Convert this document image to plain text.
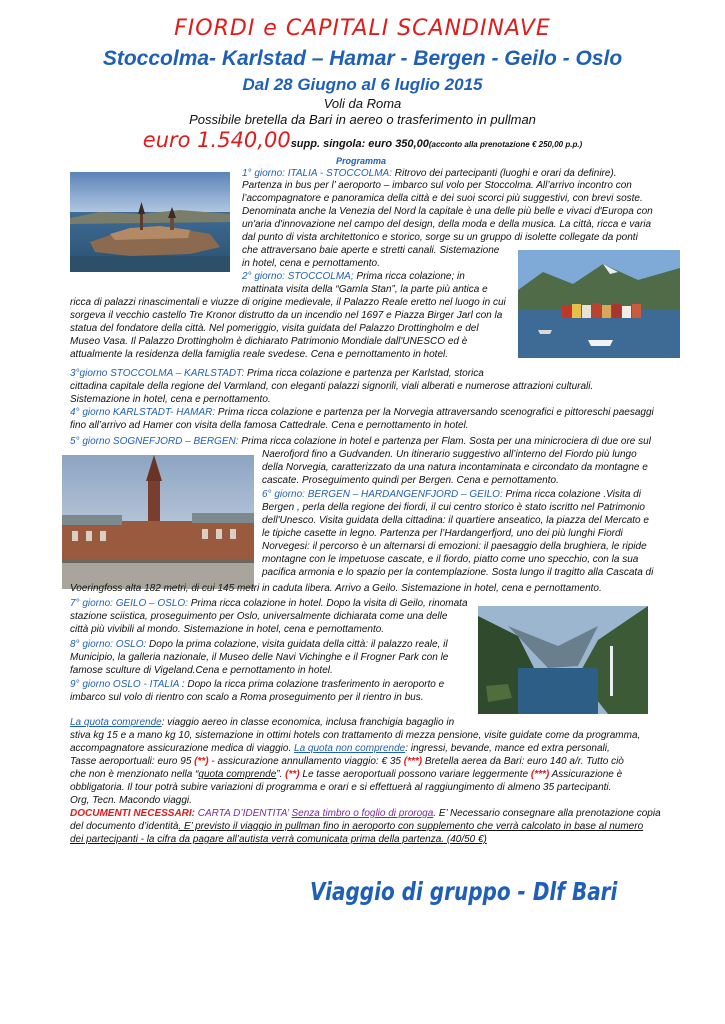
FIORDI e CAPITALI SCANDINAVE
Stoccolma- Karlstad – Hamar - Bergen - Geilo - Oslo
Dal 28 Giugno al 6 luglio 2015
Voli da Roma
Possibile bretella da Bari in aereo o trasferimento in pullman
euro 1.540,00supp. singola: euro 350,00(acconto alla prenotazione € 250,00 p.p.)
Programma
1° giorno: ITALIA - STOCCOLMA: Ritrovo dei partecipanti (luoghi e orari da definire).
Partenza in bus per l’ aeroporto – imbarco sul volo per Stoccolma. All’arrivo incontro con
l’accompagnatore e panoramica della città e dei suoi scorci più suggestivi, con brevi soste.
Denominata anche la Venezia del Nord la capitale è una delle più belle e vivaci d'Europa con
un'aria d'innovazione nel campo del design, della moda e della musica. La città, ricca e varia
dal punto di vista architettonico e storico, sorge su un gruppo di isolette collegate da ponti
che attraversano baie aperte e stretti canali. Sistemazione
in hotel, cena e pernottamento.
2° giorno: STOCCOLMA; Prima ricca colazione; in
mattinata visita della “Gamla Stan”, la parte più antica e
ricca di palazzi rinascimentali e viuzze di origine medievale, il Palazzo Reale eretto nel luogo in cui
sorgeva il vecchio castello Tre Kronor distrutto da un incendio nel 1697 e Piazza Birger Jarl con la
statua del fondatore della città. Nel pomeriggio, visita guidata del Palazzo Drottingholm e del
Museo Vasa. Il Palazzo Drottingholm è dichiarato Patrimonio Mondiale dall'UNESCO ed è
attualmente la residenza della famiglia reale svedese. Cena e pernottamento in hotel.
3°giorno STOCCOLMA – KARLSTADT: Prima ricca colazione e partenza per Karlstad, storica
cittadina capitale della regione del Varmland, con eleganti palazzi signorili, viali alberati e numerose attrazioni culturali.
Sistemazione in hotel, cena e pernottamento.
4° giorno KARLSTADT- HAMAR: Prima ricca colazione e partenza per la Norvegia attraversando scenografici e pittoreschi paesaggi
fino all’arrivo ad Hamer con visita della famosa Cattedrale. Cena e pernottamento in hotel.
5° giorno SOGNEFJORD – BERGEN: Prima ricca colazione in hotel e partenza per Flam. Sosta per una minicrociera di due ore sul
Naerofjord fino a Gudvanden. Un itinerario suggestivo all’interno del Fiordo più lungo
della Norvegia, caratterizzato da una natura incontaminata e circondato da montagne e
cascate. Proseguimento quindi per Bergen. Cena e pernottamento.
6° giorno: BERGEN – HARDANGENFJORD – GEILO: Prima ricca colazione .Visita di
Bergen , perla della regione dei fiordi, il cui centro storico è stato iscritto nel Patrimonio
dell'Unesco. Visita guidata della cittadina: il quartiere anseatico, la piazza del Mercato e
le tipiche casette in legno. Partenza per l’Hardangerfjord, uno dei più lunghi Fiordi
Norvegesi: il percorso è un alternarsi di emozioni: il paesaggio della brughiera, le ripide
montagne con le impetuose cascate, e il fiordo, piatto come uno specchio, con la sua
pacifica armonia e lo spazio per la contemplazione. Sosta lungo il tragitto alla Cascata di
Voeringfoss alta 182 metri, di cui 145 metri in caduta libera. Arrivo a Geilo. Sistemazione in hotel, cena e pernottamento.
7° giorno: GEILO – OSLO: Prima ricca colazione in hotel. Dopo la visita di Geilo, rinomata
stazione sciistica, proseguimento per Oslo, universalmente dichiarata come una delle
città più vivibili al mondo. Sistemazione in hotel, cena e pernottamento.
8° giorno: OSLO: Dopo la prima colazione, visita guidata della città: il palazzo reale, il
Municipio, la galleria nazionale, il Museo delle Navi Vichinghe e il Frogner Park con le
famose sculture di Vigeland.Cena e pernottamento in hotel.
9° giorno OSLO - ITALIA : Dopo la ricca prima colazione trasferimento in aeroporto e
imbarco sul volo di rientro con scalo a Roma proseguimento per il rientro in bus.
La quota comprende: viaggio aereo in classe economica, inclusa franchigia bagaglio in
stiva kg 15 e a mano kg 10, sistemazione in ottimi hotels con trattamento di mezza pensione, visite guidate come da programma,
accompagnatore assicurazione medica di viaggio. La quota non comprende: ingressi, bevande, mance ed extra personali,
Tasse aeroportuali: euro 95 (**) - assicurazione annullamento viaggio: € 35 (***) Bretella aerea da Bari: euro 140 a/r. Tutto ciò
che non è menzionato nella “quota comprende”. (**) Le tasse aeroportuali possono variare leggermente (***) Assicurazione è
obbligatoria. Il tour potrà subire variazioni di programma e orari e si effettuerà al raggiungimento di almeno 35 partecipanti.
Org, Tecn. Macondo viaggi.
DOCUMENTI NECESSARI: CARTA D’IDENTITA’ Senza timbro o foglio di proroga. E’ Necessario consegnare alla prenotazione copia
del documento d’identità. E’ previsto il viaggio in pullman fino in aeroporto con supplemento che verrà calcolato in base al numero
dei partecipanti - la cifra da pagare all’autista verrà comunicata prima della partenza. (40/50 €)
Viaggio di gruppo - Dlf Bari
